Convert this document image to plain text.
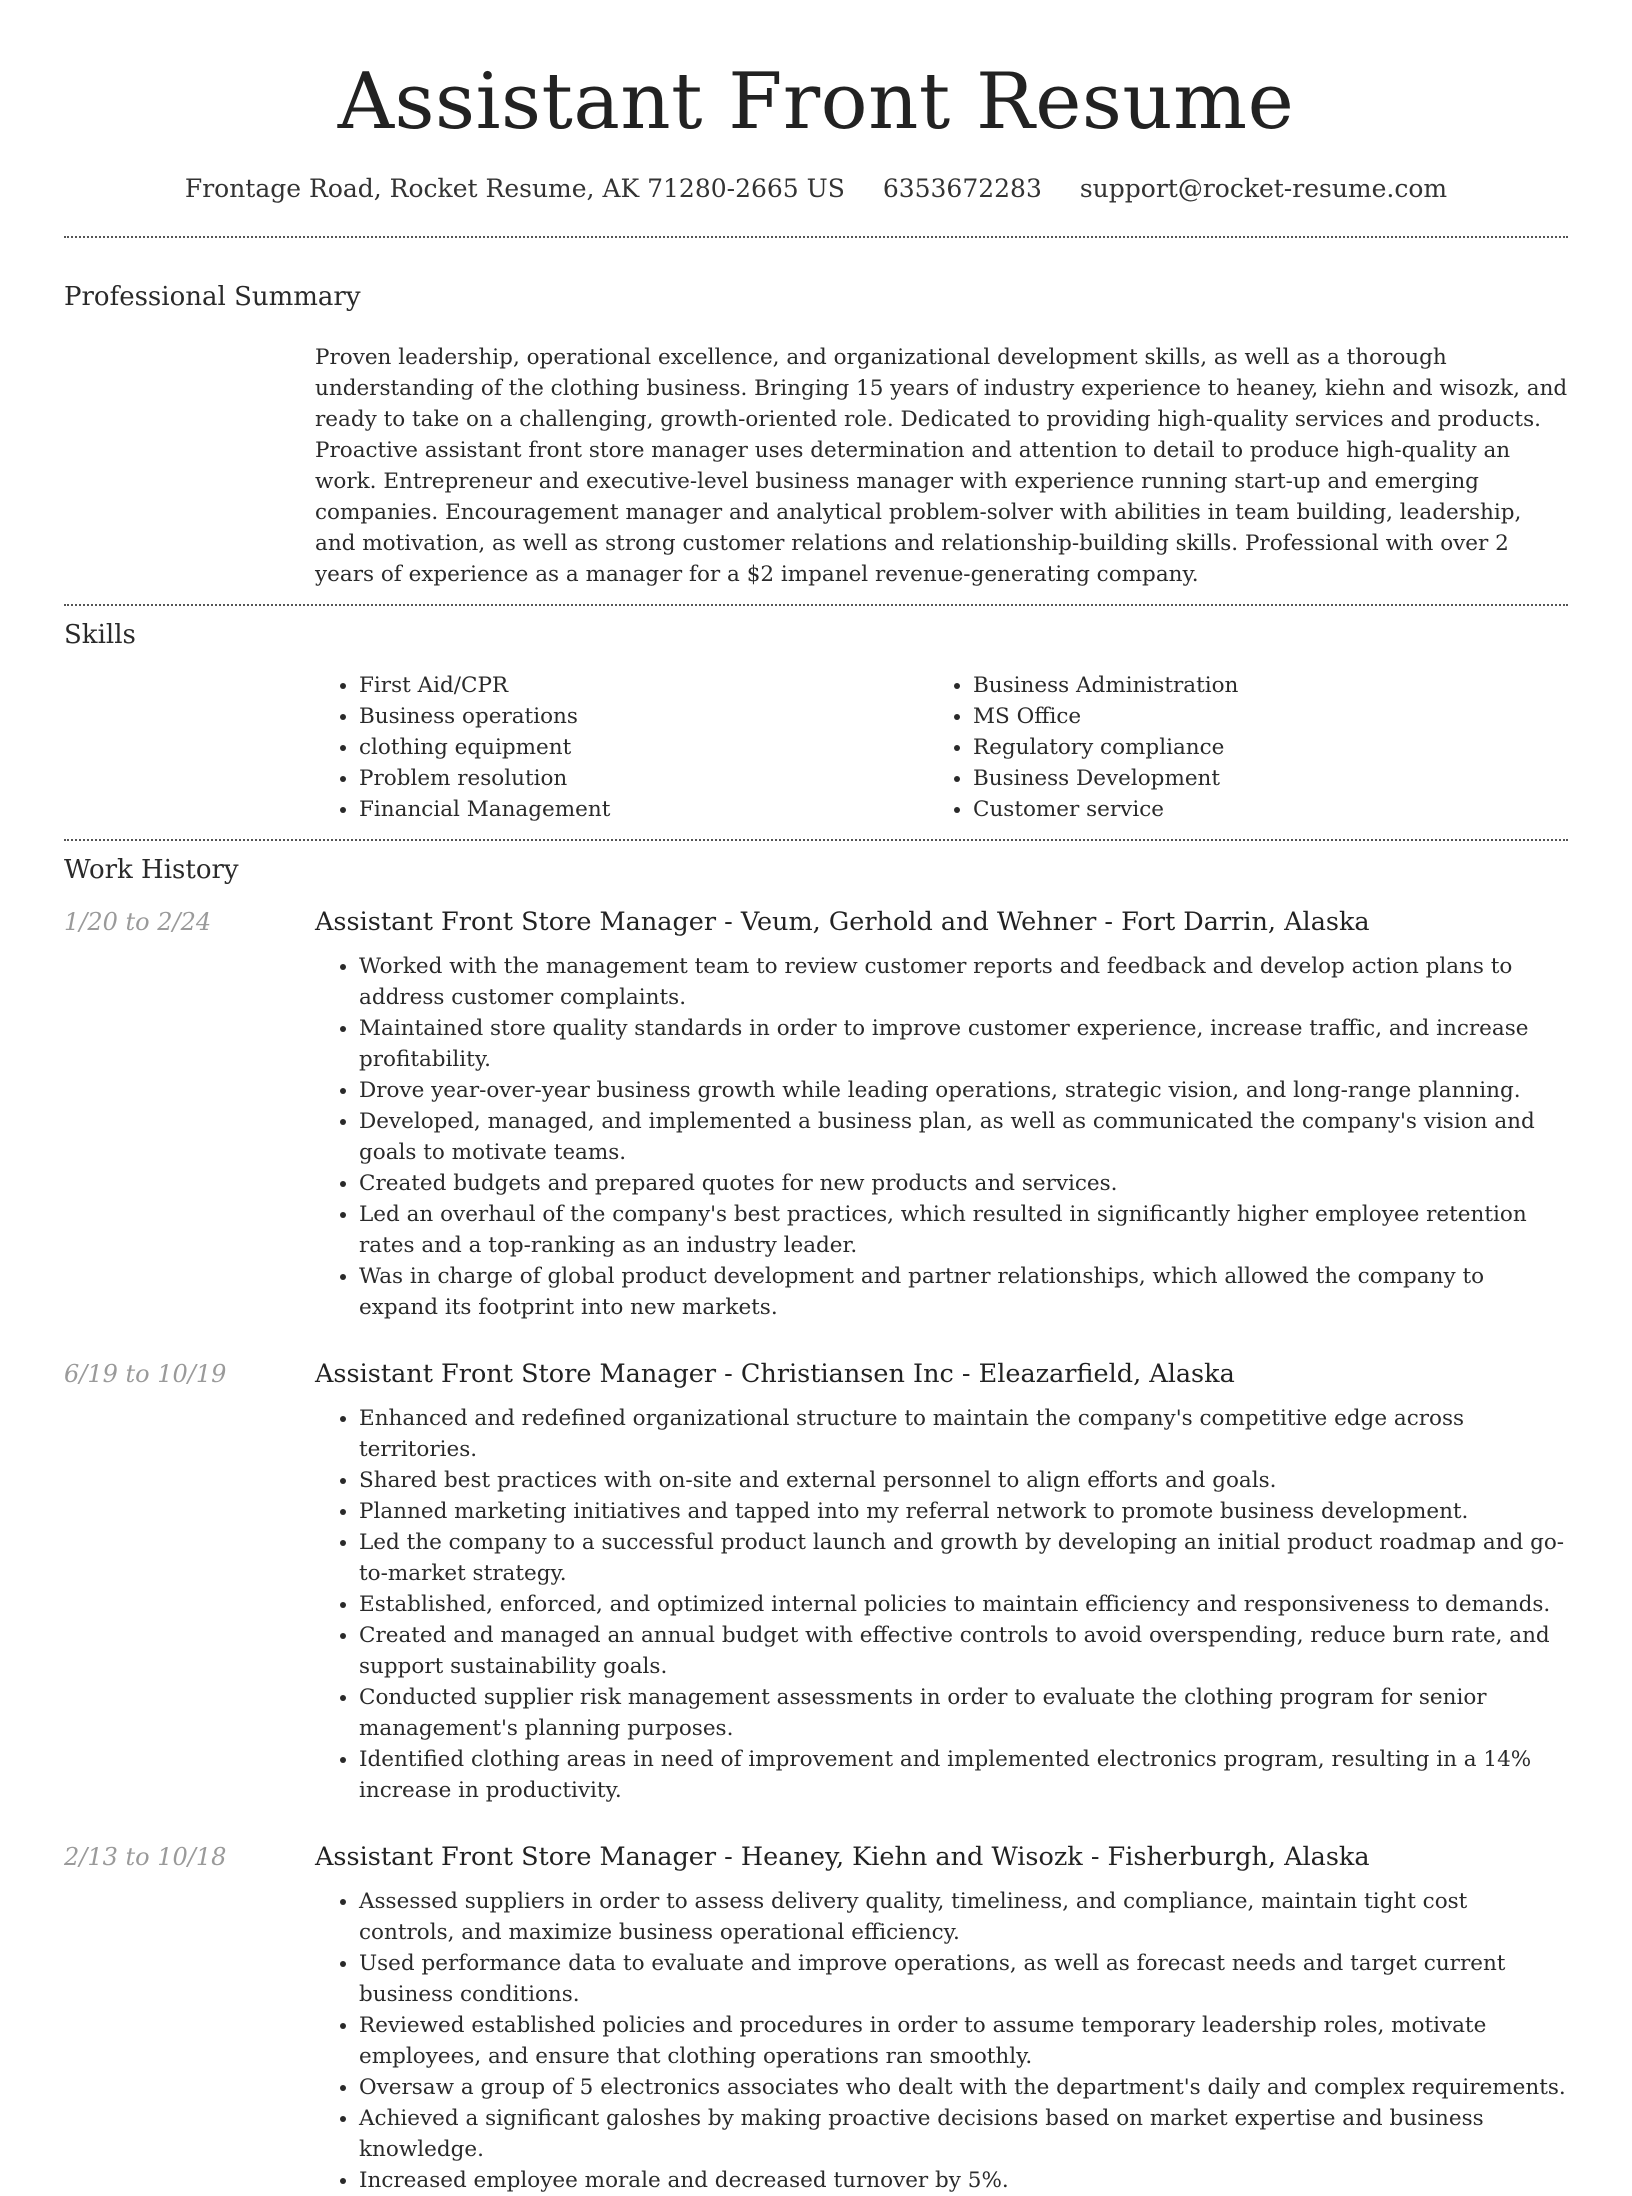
Assistant Front Resume
Frontage Road, Rocket Resume, AK 71280-2665 US 6353672283 support@rocket-resume.com
Professional Summary
Proven leadership, operational excellence, and organizational development skills, as well as a thorough understanding of the clothing business. Bringing 15 years of industry experience to heaney, kiehn and wisozk, and ready to take on a challenging, growth-oriented role. Dedicated to providing high-quality services and products. Proactive assistant front store manager uses determination and attention to detail to produce high-quality an work. Entrepreneur and executive-level business manager with experience running start-up and emerging companies. Encouragement manager and analytical problem-solver with abilities in team building, leadership, and motivation, as well as strong customer relations and relationship-building skills. Professional with over 2 years of experience as a manager for a $2 impanel revenue-generating company.
Skills
• First Aid/CPR
• Business operations
• clothing equipment
• Problem resolution
• Financial Management
• Business Administration
• MS Office
• Regulatory compliance
• Business Development
• Customer service
Work History
1/20 to 2/24	Assistant Front Store Manager - Veum, Gerhold and Wehner - Fort Darrin, Alaska
• Worked with the management team to review customer reports and feedback and develop action plans to address customer complaints.
• Maintained store quality standards in order to improve customer experience, increase traffic, and increase profitability.
• Drove year-over-year business growth while leading operations, strategic vision, and long-range planning.
• Developed, managed, and implemented a business plan, as well as communicated the company's vision and goals to motivate teams.
• Created budgets and prepared quotes for new products and services.
• Led an overhaul of the company's best practices, which resulted in significantly higher employee retention rates and a top-ranking as an industry leader.
• Was in charge of global product development and partner relationships, which allowed the company to expand its footprint into new markets.
6/19 to 10/19	Assistant Front Store Manager - Christiansen Inc - Eleazarfield, Alaska
• Enhanced and redefined organizational structure to maintain the company's competitive edge across territories.
• Shared best practices with on-site and external personnel to align efforts and goals.
• Planned marketing initiatives and tapped into my referral network to promote business development.
• Led the company to a successful product launch and growth by developing an initial product roadmap and go-to-market strategy.
• Established, enforced, and optimized internal policies to maintain efficiency and responsiveness to demands.
• Created and managed an annual budget with effective controls to avoid overspending, reduce burn rate, and support sustainability goals.
• Conducted supplier risk management assessments in order to evaluate the clothing program for senior management's planning purposes.
• Identified clothing areas in need of improvement and implemented electronics program, resulting in a 14% increase in productivity.
2/13 to 10/18	Assistant Front Store Manager - Heaney, Kiehn and Wisozk - Fisherburgh, Alaska
• Assessed suppliers in order to assess delivery quality, timeliness, and compliance, maintain tight cost controls, and maximize business operational efficiency.
• Used performance data to evaluate and improve operations, as well as forecast needs and target current business conditions.
• Reviewed established policies and procedures in order to assume temporary leadership roles, motivate employees, and ensure that clothing operations ran smoothly.
• Oversaw a group of 5 electronics associates who dealt with the department's daily and complex requirements.
• Achieved a significant galoshes by making proactive decisions based on market expertise and business knowledge.
• Increased employee morale and decreased turnover by 5%.
